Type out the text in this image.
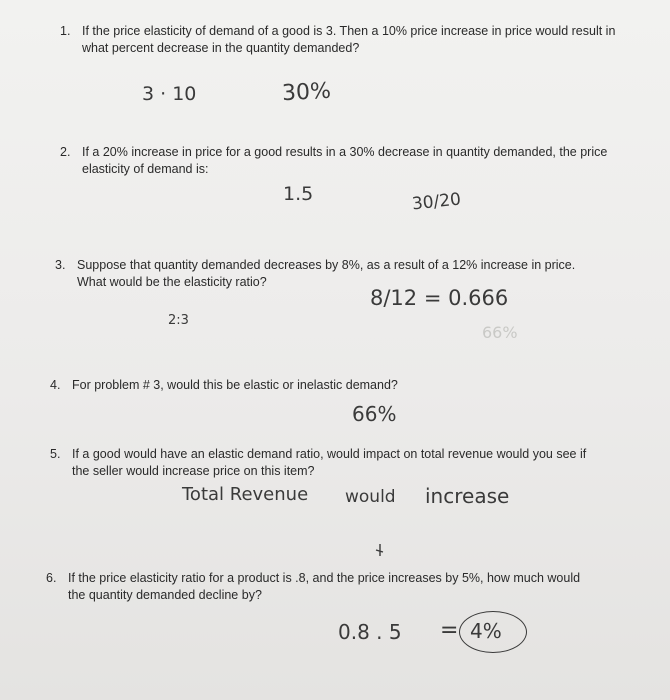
1. If the price elasticity of demand of a good is 3. Then a 10% price increase in price would result in
what percent decrease in the quantity demanded?
3 · 10	30%
2. If a 20% increase in price for a good results in a 30% decrease in quantity demanded, the price
elasticity of demand is:
1.5	30/20
3. Suppose that quantity demanded decreases by 8%, as a result of a 12% increase in price.
What would be the elasticity ratio?
8/12 = 0.666
2:3
66%
4. For problem # 3, would this be elastic or inelastic demand?
66%
5. If a good would have an elastic demand ratio, would impact on total revenue would you see if
the seller would increase price on this item?
Total Revenue would increase
6. If the price elasticity ratio for a product is .8, and the price increases by 5%, how much would
the quantity demanded decline by?
0.8 . 5 = 4%
